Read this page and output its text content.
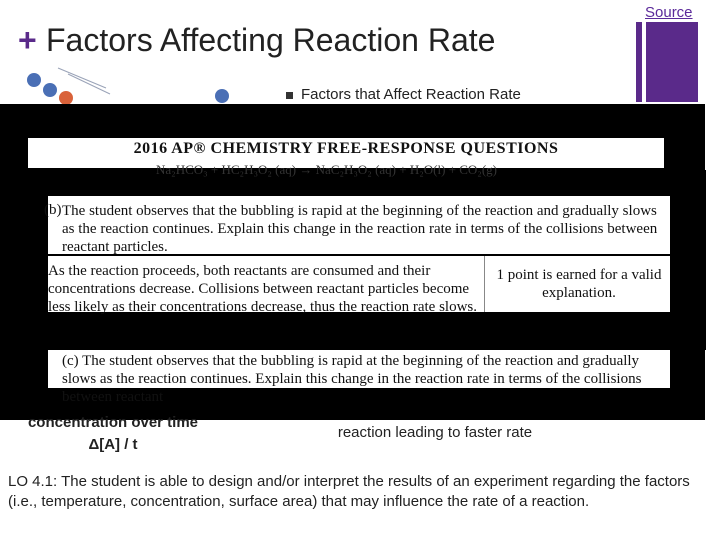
Source
+ Factors Affecting Reaction Rate
Factors that Affect Reaction Rate
2016 AP® CHEMISTRY FREE-RESPONSE QUESTIONS
Na₂HCO₃ + HC₂H₃O₂ (aq) → NaC₂H₃O₂ (aq) + H₂O(l) + CO₂(g)
(b) The student observes that the bubbling is rapid at the beginning of the reaction and gradually slows as the reaction continues. Explain this change in the reaction rate in terms of the collisions between reactant particles.
As the reaction proceeds, both reactants are consumed and their concentrations decrease. Collisions between reactant particles become less likely as their concentrations decrease, thus the reaction rate slows.
1 point is earned for a valid explanation.
(c) The student observes that the bubbling is rapid at the beginning of the reaction and gradually slows as the reaction continues. Explain this change in the reaction rate in terms of the collisions between reactant
concentration over time
Δ[A] / t
reaction leading to faster rate
LO 4.1: The student is able to design and/or interpret the results of an experiment regarding the factors (i.e., temperature, concentration, surface area) that may influence the rate of a reaction.
